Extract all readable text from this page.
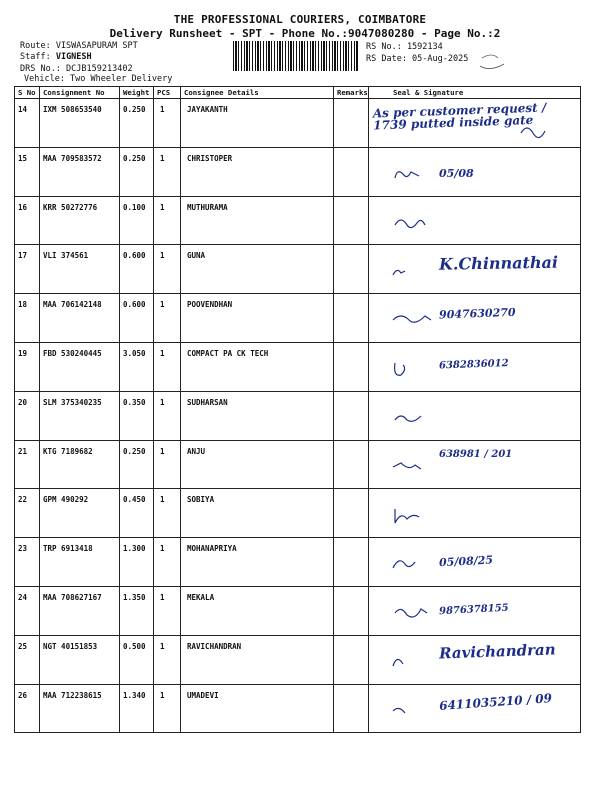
THE PROFESSIONAL COURIERS, COIMBATORE
Delivery Runsheet - SPT - Phone No.:9047080280 - Page No.:2
Route: VISWASAPURAM SPT
Staff: VIGNESH
DRS No.: DCJB159213402
Vehicle: Two Wheeler Delivery
RS No.: 1592134
RS Date: 05-Aug-2025
S No	Consignment No	Weight	PCS	Consignee Details	Remarks	Seal & Signature
14	IXM 508653540	0.250	1	JAYAKANTH		As per customer request / 1739 putted inside gate

15	MAA 709583572	0.250	1	CHRISTOPER		05/08

16	KRR 50272776	0.100	1	MUTHURAMA		

17	VLI 374561	0.600	1	GUNA		K.Chinnathai

18	MAA 706142148	0.600	1	POOVENDHAN		9047630270

19	FBD 530240445	3.050	1	COMPACT PA CK TECH		6382836012

20	SLM 375340235	0.350	1	SUDHARSAN		

21	KTG 7189682	0.250	1	ANJU		638981 / 201

22	GPM 490292	0.450	1	SOBIYA		

23	TRP 6913418	1.300	1	MOHANAPRIYA		05/08/25

24	MAA 708627167	1.350	1	MEKALA		9876378155

25	NGT 40151853	0.500	1	RAVICHANDRAN		Ravichandran

26	MAA 712238615	1.340	1	UMADEVI		6411035210 / 09
